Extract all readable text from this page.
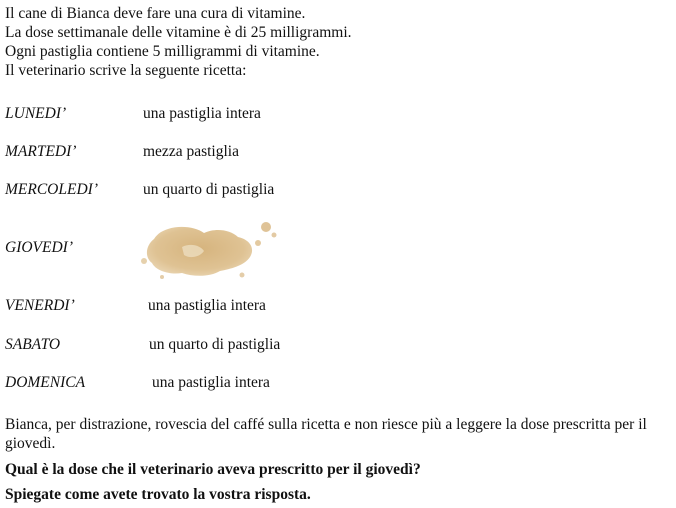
Il cane di Bianca deve fare una cura di vitamine.
La dose settimanale delle vitamine è di 25 milligrammi.
Ogni pastiglia contiene 5 milligrammi di vitamine.
Il veterinario scrive la seguente ricetta:
LUNEDI’	una pastiglia intera
MARTEDI’	mezza pastiglia
MERCOLEDI’	un quarto di pastiglia
GIOVEDI’
VENERDI’	una pastiglia intera
SABATO	un quarto di pastiglia
DOMENICA	una pastiglia intera
Bianca, per distrazione, rovescia del caffé sulla ricetta e non riesce più a leggere la dose prescritta per il giovedì.
Qual è la dose che il veterinario aveva prescritto per il giovedì?
Spiegate come avete trovato la vostra risposta.
